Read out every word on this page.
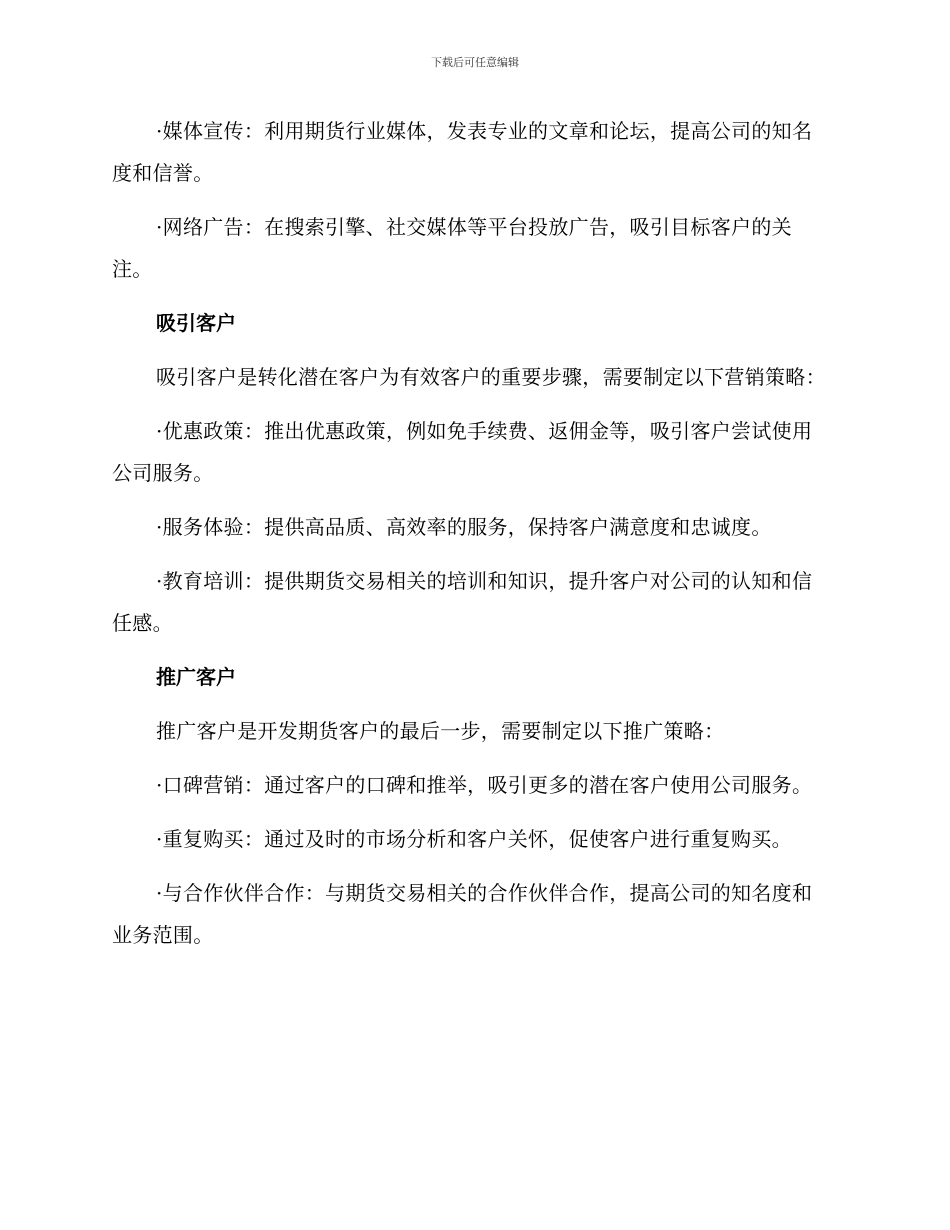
下载后可任意编辑

·媒体宣传：利用期货行业媒体，发表专业的文章和论坛，提高公司的知名度和信誉。

·网络广告：在搜索引擎、社交媒体等平台投放广告，吸引目标客户的关注。

吸引客户

吸引客户是转化潜在客户为有效客户的重要步骤，需要制定以下营销策略：

·优惠政策：推出优惠政策，例如免手续费、返佣金等，吸引客户尝试使用公司服务。

·服务体验：提供高品质、高效率的服务，保持客户满意度和忠诚度。

·教育培训：提供期货交易相关的培训和知识，提升客户对公司的认知和信任感。

推广客户

推广客户是开发期货客户的最后一步，需要制定以下推广策略：

·口碑营销：通过客户的口碑和推举，吸引更多的潜在客户使用公司服务。

·重复购买：通过及时的市场分析和客户关怀，促使客户进行重复购买。

·与合作伙伴合作：与期货交易相关的合作伙伴合作，提高公司的知名度和业务范围。
